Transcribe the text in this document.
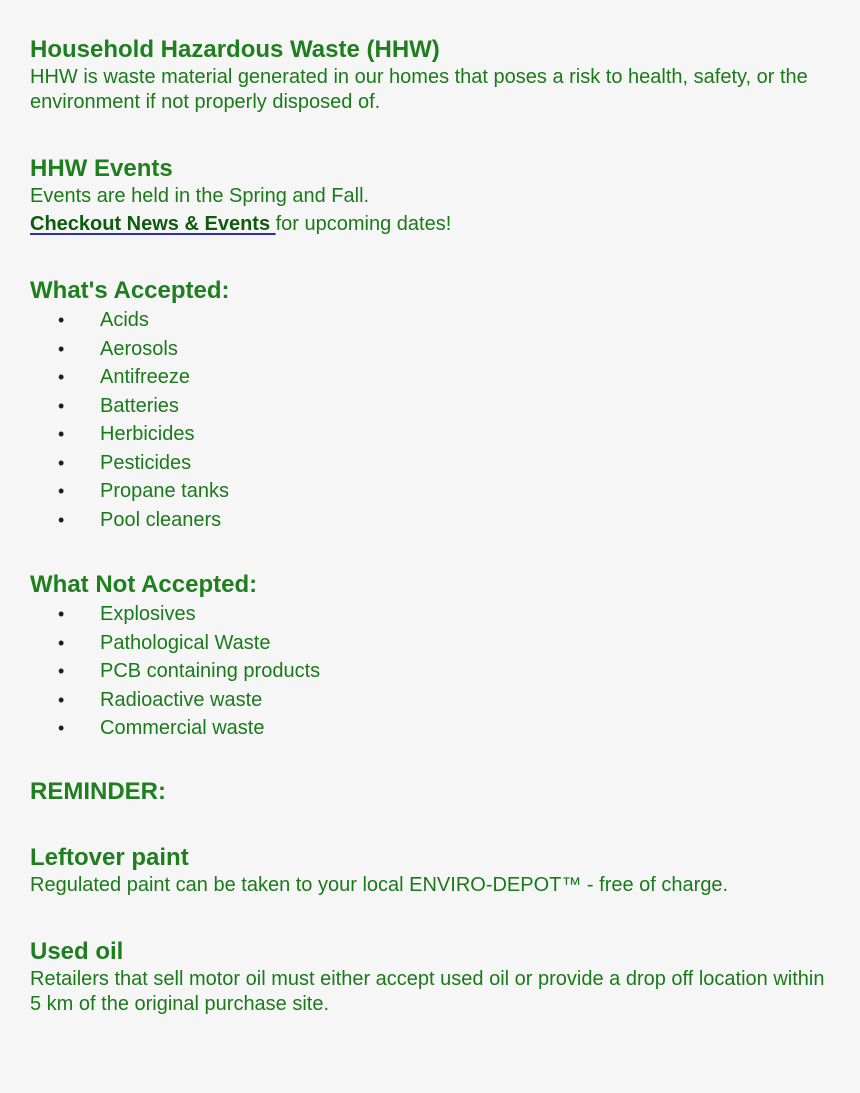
Household Hazardous Waste (HHW)

HHW is waste material generated in our homes that poses a risk to health, safety, or the environment if not properly disposed of.

HHW Events

Events are held in the Spring and Fall.

Checkout News & Events for upcoming dates!

What's Accepted:
• Acids
• Aerosols
• Antifreeze
• Batteries
• Herbicides
• Pesticides
• Propane tanks
• Pool cleaners
What Not Accepted:
• Explosives
• Pathological Waste
• PCB containing products
• Radioactive waste
• Commercial waste
REMINDER:
Leftover paint

Regulated paint can be taken to your local ENVIRO-DEPOT™ - free of charge.

Used oil

Retailers that sell motor oil must either accept used oil or provide a drop off location within 5 km of the original purchase site.
